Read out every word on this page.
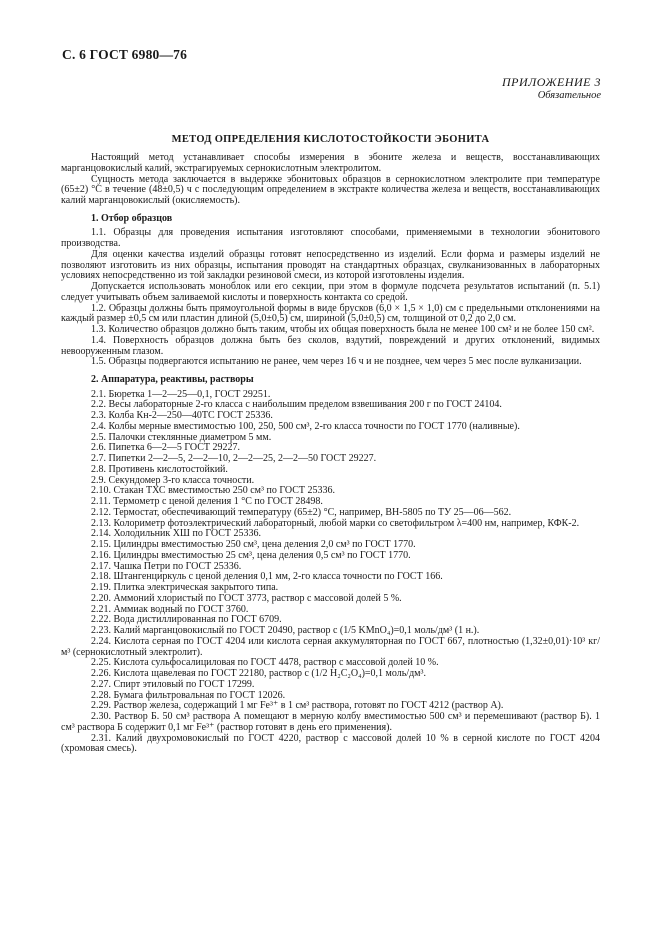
С. 6 ГОСТ 6980—76
ПРИЛОЖЕНИЕ 3
Обязательное
МЕТОД ОПРЕДЕЛЕНИЯ КИСЛОТОСТОЙКОСТИ ЭБОНИТА

Настоящий метод устанавливает способы измерения в эбоните железа и веществ, восстанавливающих марганцовокислый калий, экстрагируемых сернокислотным электролитом.

Сущность метода заключается в выдержке эбонитовых образцов в сернокислотном электролите при температуре (65±2) °С в течение (48±0,5) ч с последующим определением в экстракте количества железа и веществ, восстанавливающих калий марганцовокислый (окисляемость).

1. Отбор образцов

1.1. Образцы для проведения испытания изготовляют способами, применяемыми в технологии эбонитового производства.

Для оценки качества изделий образцы готовят непосредственно из изделий. Если форма и размеры изделий не позволяют изготовить из них образцы, испытания проводят на стандартных образцах, свулканизованных в лабораторных условиях непосредственно из той закладки резиновой смеси, из которой изготовлены изделия.

Допускается использовать моноблок или его секции, при этом в формуле подсчета результатов испытаний (п. 5.1) следует учитывать объем заливаемой кислоты и поверхность контакта со средой.

1.2. Образцы должны быть прямоугольной формы в виде брусков (6,0 × 1,5 × 1,0) см с предельными отклонениями на каждый размер ±0,5 см или пластин длиной (5,0±0,5) см, шириной (5,0±0,5) см, толщиной от 0,2 до 2,0 см.

1.3. Количество образцов должно быть таким, чтобы их общая поверхность была не менее 100 см² и не более 150 см².

1.4. Поверхность образцов должна быть без сколов, вздутий, повреждений и других отклонений, видимых невооруженным глазом.

1.5. Образцы подвергаются испытанию не ранее, чем через 16 ч и не позднее, чем через 5 мес после вулканизации.

2. Аппаратура, реактивы, растворы

2.1. Бюретка 1—2—25—0,1, ГОСТ 29251.

2.2. Весы лабораторные 2-го класса с наибольшим пределом взвешивания 200 г по ГОСТ 24104.

2.3. Колба Кн-2—250—40ТС ГОСТ 25336.

2.4. Колбы мерные вместимостью 100, 250, 500 см³, 2-го класса точности по ГОСТ 1770 (наливные).

2.5. Палочки стеклянные диаметром 5 мм.

2.6. Пипетка 6—2—5 ГОСТ 29227.

2.7. Пипетки 2—2—5, 2—2—10, 2—2—25, 2—2—50 ГОСТ 29227.

2.8. Противень кислотостойкий.

2.9. Секундомер 3-го класса точности.

2.10. Стакан ТХС вместимостью 250 см³ по ГОСТ 25336.

2.11. Термометр с ценой деления 1 °С по ГОСТ 28498.

2.12. Термостат, обеспечивающий температуру (65±2) °С, например, ВН-5805 по ТУ 25—06—562.

2.13. Колориметр фотоэлектрический лабораторный, любой марки со светофильтром λ=400 нм, например, КФК-2.

2.14. Холодильник ХШ по ГОСТ 25336.

2.15. Цилиндры вместимостью 250 см³, цена деления 2,0 см³ по ГОСТ 1770.

2.16. Цилиндры вместимостью 25 см³, цена деления 0,5 см³ по ГОСТ 1770.

2.17. Чашка Петри по ГОСТ 25336.

2.18. Штангенциркуль с ценой деления 0,1 мм, 2-го класса точности по ГОСТ 166.

2.19. Плитка электрическая закрытого типа.

2.20. Аммоний хлористый по ГОСТ 3773, раствор с массовой долей 5 %.

2.21. Аммиак водный по ГОСТ 3760.

2.22. Вода дистиллированная по ГОСТ 6709.

2.23. Калий марганцовокислый по ГОСТ 20490, раствор с (1/5 KMnO₄)=0,1 моль/дм³ (1 н.).

2.24. Кислота серная по ГОСТ 4204 или кислота серная аккумуляторная по ГОСТ 667, плотностью (1,32±0,01)·10³ кг/м³ (сернокислотный электролит).

2.25. Кислота сульфосалициловая по ГОСТ 4478, раствор с массовой долей 10 %.

2.26. Кислота щавелевая по ГОСТ 22180, раствор с (1/2 H₂C₂O₄)=0,1 моль/дм³.

2.27. Спирт этиловый по ГОСТ 17299.

2.28. Бумага фильтровальная по ГОСТ 12026.

2.29. Раствор железа, содержащий 1 мг Fe³⁺ в 1 см³ раствора, готовят по ГОСТ 4212 (раствор А).

2.30. Раствор Б. 50 см³ раствора А помещают в мерную колбу вместимостью 500 см³ и перемешивают (раствор Б). 1 см³ раствора Б содержит 0,1 мг Fe³⁺ (раствор готовят в день его применения).

2.31. Калий двухромовокислый по ГОСТ 4220, раствор с массовой долей 10 % в серной кислоте по ГОСТ 4204 (хромовая смесь).
